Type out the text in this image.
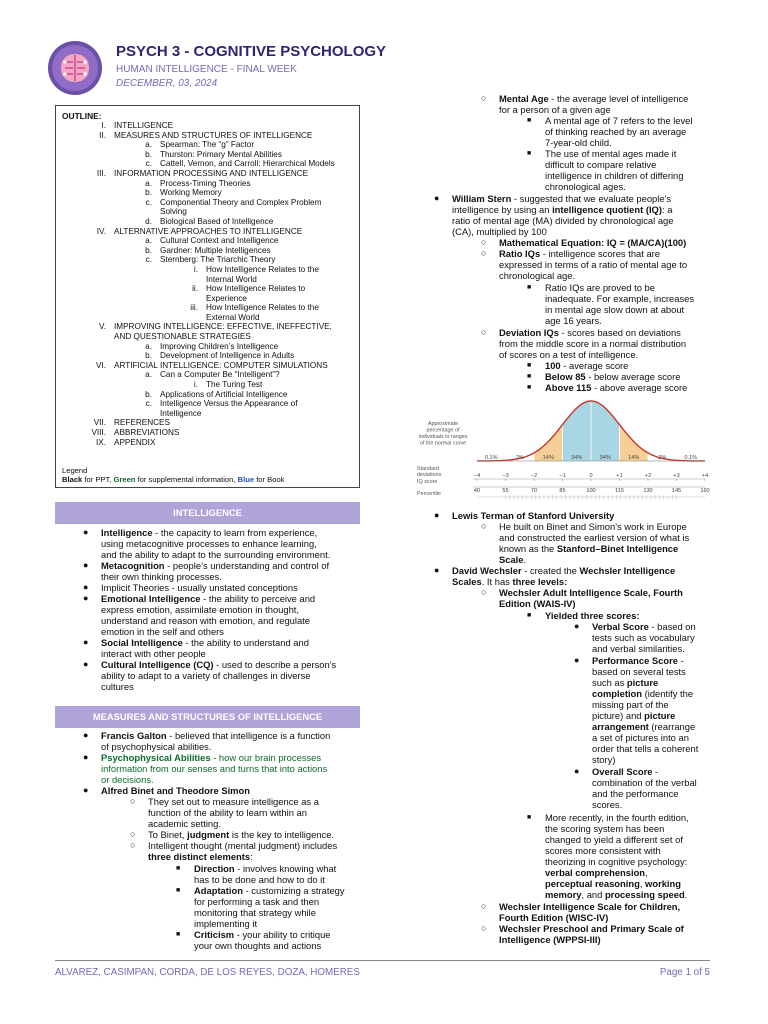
PSYCH 3 - COGNITIVE PSYCHOLOGY
HUMAN INTELLIGENCE - FINAL WEEK
DECEMBER, 03, 2024
OUTLINE:
I. INTELLIGENCE
II. MEASURES AND STRUCTURES OF INTELLIGENCE
a. Spearman: The “g” Factor
b. Thurston: Primary Mental Abilities
c. Cattell, Vernon, and Carroll: Hierarchical Models
III. INFORMATION PROCESSING AND INTELLIGENCE
a. Process-Timing Theories
b. Working Memory
c. Componential Theory and Complex Problem
Solving
d. Biological Based of Intelligence
IV. ALTERNATIVE APPROACHES TO INTELLIGENCE
a. Cultural Context and Intelligence
b. Gardner: Multiple Intelligences
c. Sternberg: The Triarchic Theory
i. How Intelligence Relates to the
Internal World
ii. How Intelligence Relates to
Experience
iii. How Intelligence Relates to the
External World
V. IMPROVING INTELLIGENCE: EFFECTIVE, INEFFECTIVE,
AND QUESTIONABLE STRATEGIES
a. Improving Children’s Intelligence
b. Development of Intelligence in Adults
VI. ARTIFICIAL INTELLIGENCE: COMPUTER SIMULATIONS
a. Can a Computer Be “Intelligent”?
i. The Turing Test
b. Applications of Artificial Intelligence
c. Intelligence Versus the Appearance of
Intelligence
VII. REFERENCES
VIII. ABBREVIATIONS
IX. APPENDIX
Legend
Black for PPT, Green for supplemental information, Blue for Book
INTELLIGENCE
MEASURES AND STRUCTURES OF INTELLIGENCE
● Intelligence - the capacity to learn from experience,
using metacognitive processes to enhance learning,
and the ability to adapt to the surrounding environment.
● Metacognition - people’s understanding and control of
their own thinking processes.
● Implicit Theories - usually unstated conceptions
● Emotional Intelligence - the ability to perceive and
express emotion, assimilate emotion in thought,
understand and reason with emotion, and regulate
emotion in the self and others
● Social Intelligence - the ability to understand and
interact with other people
● Cultural Intelligence (CQ) - used to describe a person's
ability to adapt to a variety of challenges in diverse
cultures
● Francis Galton - believed that intelligence is a function
of psychophysical abilities.
● Psychophysical Abilities - how our brain processes
information from our senses and turns that into actions
or decisions.
● Alfred Binet and Theodore Simon
○ They set out to measure intelligence as a
function of the ability to learn within an
academic setting.
○ To Binet, judgment is the key to intelligence.
○ Intelligent thought (mental judgment) includes
three distinct elements:
■ Direction - involves knowing what
has to be done and how to do it
■ Adaptation - customizing a strategy
for performing a task and then
monitoring that strategy while
implementing it
■ Criticism - your ability to critique
your own thoughts and actions
○ Mental Age - the average level of intelligence
for a person of a given age
■ A mental age of 7 refers to the level
of thinking reached by an average
7-year-old child.
■ The use of mental ages made it
difficult to compare relative
intelligence in children of differing
chronological ages.
● William Stern - suggested that we evaluate people's
intelligence by using an intelligence quotient (IQ): a
ratio of mental age (MA) divided by chronological age
(CA), multiplied by 100
○ Mathematical Equation: IQ = (MA/CA)(100)
○ Ratio IQs - intelligence scores that are
expressed in terms of a ratio of mental age to
chronological age.
■ Ratio IQs are proved to be
inadequate. For example, increases
in mental age slow down at about
age 16 years.
○ Deviation IQs - scores based on deviations
from the middle score in a normal distribution
of scores on a test of intelligence.
■ 100 - average score
■ Below 85 - below average score
■ Above 115 - above average score
● Lewis Terman of Stanford University
○ He built on Binet and Simon's work in Europe
and constructed the earliest version of what is
known as the Stanford–Binet Intelligence
Scale.
● David Wechsler - created the Wechsler Intelligence
Scales. It has three levels:
○ Wechsler Adult Intelligence Scale, Fourth
Edition (WAIS-IV)
■ Yielded three scores:
● Verbal Score - based on
tests such as vocabulary
and verbal similarities.
● Performance Score -
based on several tests
such as picture
completion (identify the
missing part of the
picture) and picture
arrangement (rearrange
a set of pictures into an
order that tells a coherent
story)
● Overall Score -
combination of the verbal
and the performance
scores.
■ More recently, in the fourth edition,
the scoring system has been
changed to yield a different set of
scores more consistent with
theorizing in cognitive psychology:
verbal comprehension,
perceptual reasoning, working
memory, and processing speed.
○ Wechsler Intelligence Scale for Children,
Fourth Edition (WISC-IV)
○ Wechsler Preschool and Primary Scale of
Intelligence (WPPSI-III)
Approximate
percentage of
individuals in ranges
of the normal curve
0.1%	2%	14%	34%	34%	14%	2%	0.1%
Standard
deviations
IQ score
Percentile
−4	−3	−2	−1	0	+1	+2	+3	+4
40	55	70	85	100	115	130	145	160
ALVAREZ, CASIMPAN, CORDA, DE LOS REYES, DOZA, HOMERES	Page 1 of 5
